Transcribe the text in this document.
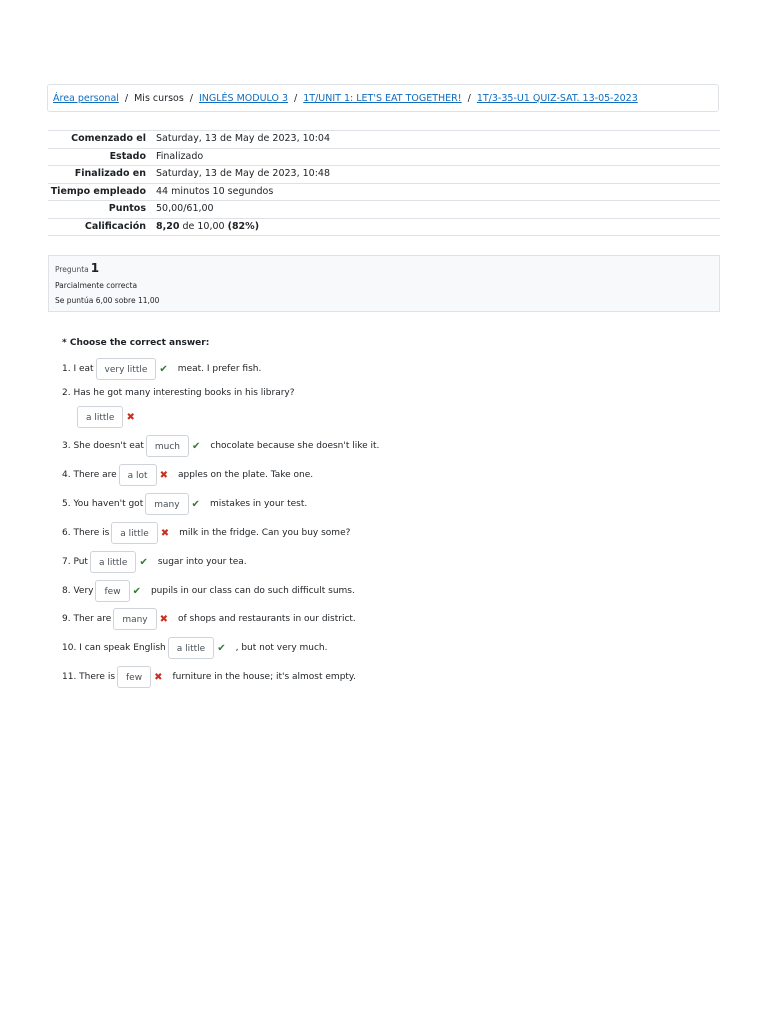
Área personal / Mis cursos / INGLÉS MODULO 3 / 1T/UNIT 1: LET'S EAT TOGETHER! / 1T/3-35-U1 QUIZ-SAT. 13-05-2023
Comenzado el	Saturday, 13 de May de 2023, 10:04
Estado	Finalizado
Finalizado en	Saturday, 13 de May de 2023, 10:48
Tiempo empleado	44 minutos 10 segundos
Puntos	50,00/61,00
Calificación	8,20 de 10,00 (82%)
Pregunta 1
Parcialmente correcta
Se puntúa 6,00 sobre 11,00
* Choose the correct answer:
1. I eat	very little	✔ meat. I prefer fish.
2. Has he got many interesting books in his library?
a little	✖
3. She doesn't eat	much	✔ chocolate because she doesn't like it.
4. There are	a lot	✖ apples on the plate. Take one.
5. You haven't got	many	✔ mistakes in your test.
6. There is	a little	✖ milk in the fridge. Can you buy some?
7. Put	a little	✔ sugar into your tea.
8. Very	few	✔ pupils in our class can do such difficult sums.
9. Ther are	many	✖ of shops and restaurants in our district.
10. I can speak English	a little	✔ , but not very much.
11. There is	few	✖ furniture in the house; it's almost empty.
